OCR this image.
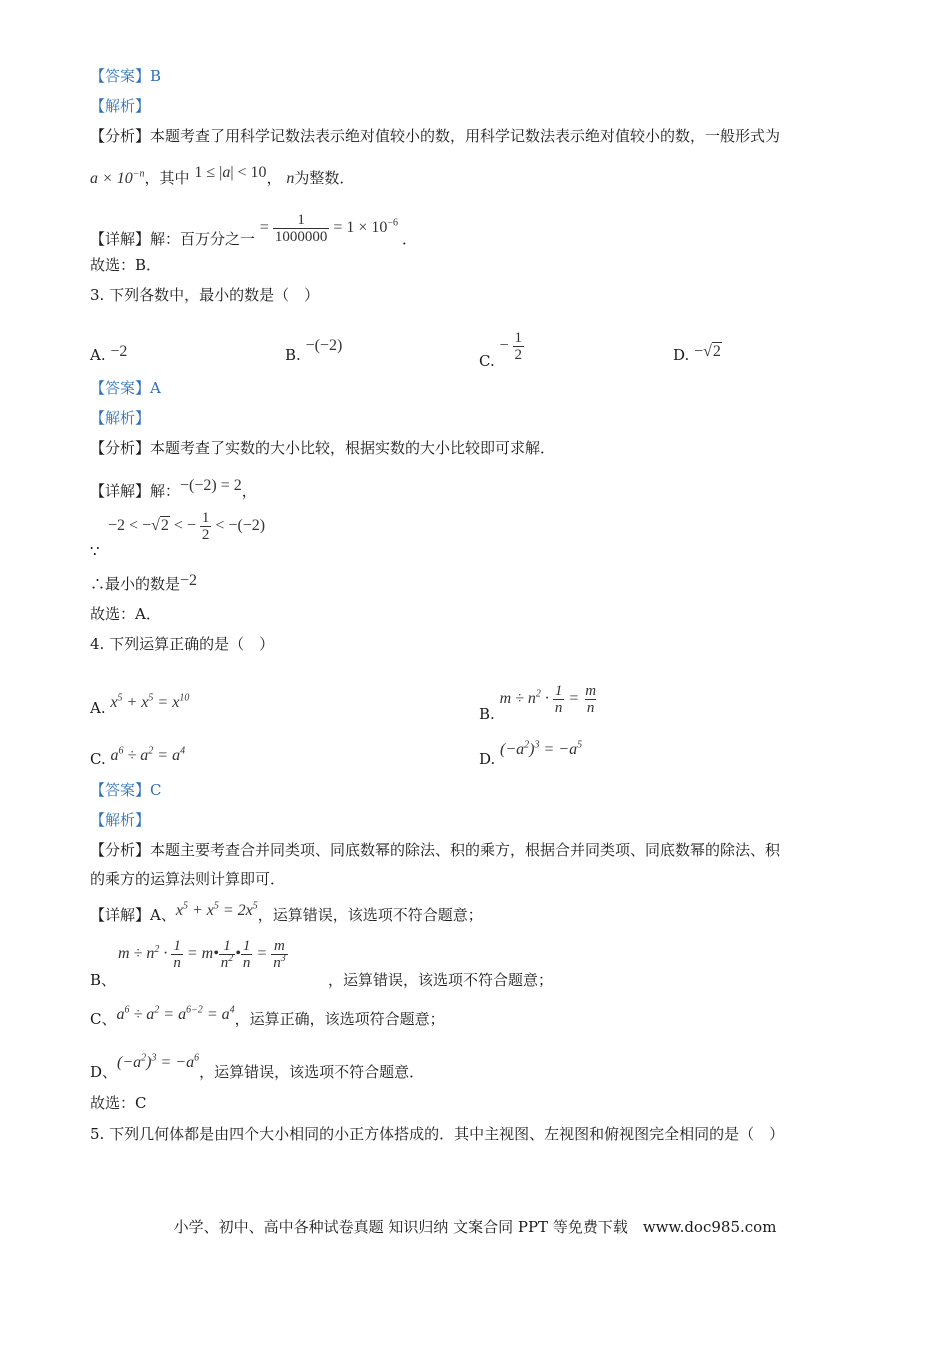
【答案】B
【解析】
【分析】本题考查了用科学记数法表示绝对值较小的数，用科学记数法表示绝对值较小的数，一般形式为
$a \times 10^{-n}$，其中 1 ≤ |a| < 10， n为整数．
【详解】解：百万分之一 = $\frac{1}{1000000} = 1 \times 10^{-6}$ ．
故选：B．
3. 下列各数中，最小的数是（　）
A. −2	B. −(−2)
C. − $\frac{1}{2}$	D. −√2
【答案】A
【解析】
【分析】本题考查了实数的大小比较，根据实数的大小比较即可求解．
【详解】解：−(−2) = 2，
−2 < −√2 < − $\frac{1}{2} < -(-2)$
∵
∴最小的数是−2
故选：A．
4. 下列运算正确的是（　）
A. $x^5 + x^5 = x^{10}$
B. $m \div n^2 \cdot \frac{1}{n} = \frac{m}{n}$
C. $a^6 \div a^2 = a^4$	D. $(-a^2)^3 = -a^5$
【答案】C
【解析】
【分析】本题主要考查合并同类项、同底数幂的除法、积的乘方，根据合并同类项、同底数幂的除法、积
的乘方的运算法则计算即可．
【详解】A、$x^5 + x^5 = 2x^5$，运算错误，该选项不符合题意；
$m \div n^2 \cdot \frac{1}{n}$ = m• $\frac{1}{n^2}$ • $\frac{1}{n} = \frac{m}{n^3}$
B、	，运算错误，该选项不符合题意；
C、$a^6 \div a^2 = a^{6-2} = a^4$，运算正确，该选项符合题意；
D、$(-a^2)^3 = -a^6$，运算错误，该选项不符合题意．
故选：C
5. 下列几何体都是由四个大小相同的小正方体搭成的．其中主视图、左视图和俯视图完全相同的是（　）
小学、初中、高中各种试卷真题 知识归纳 文案合同 PPT 等免费下载　www.doc985.com
